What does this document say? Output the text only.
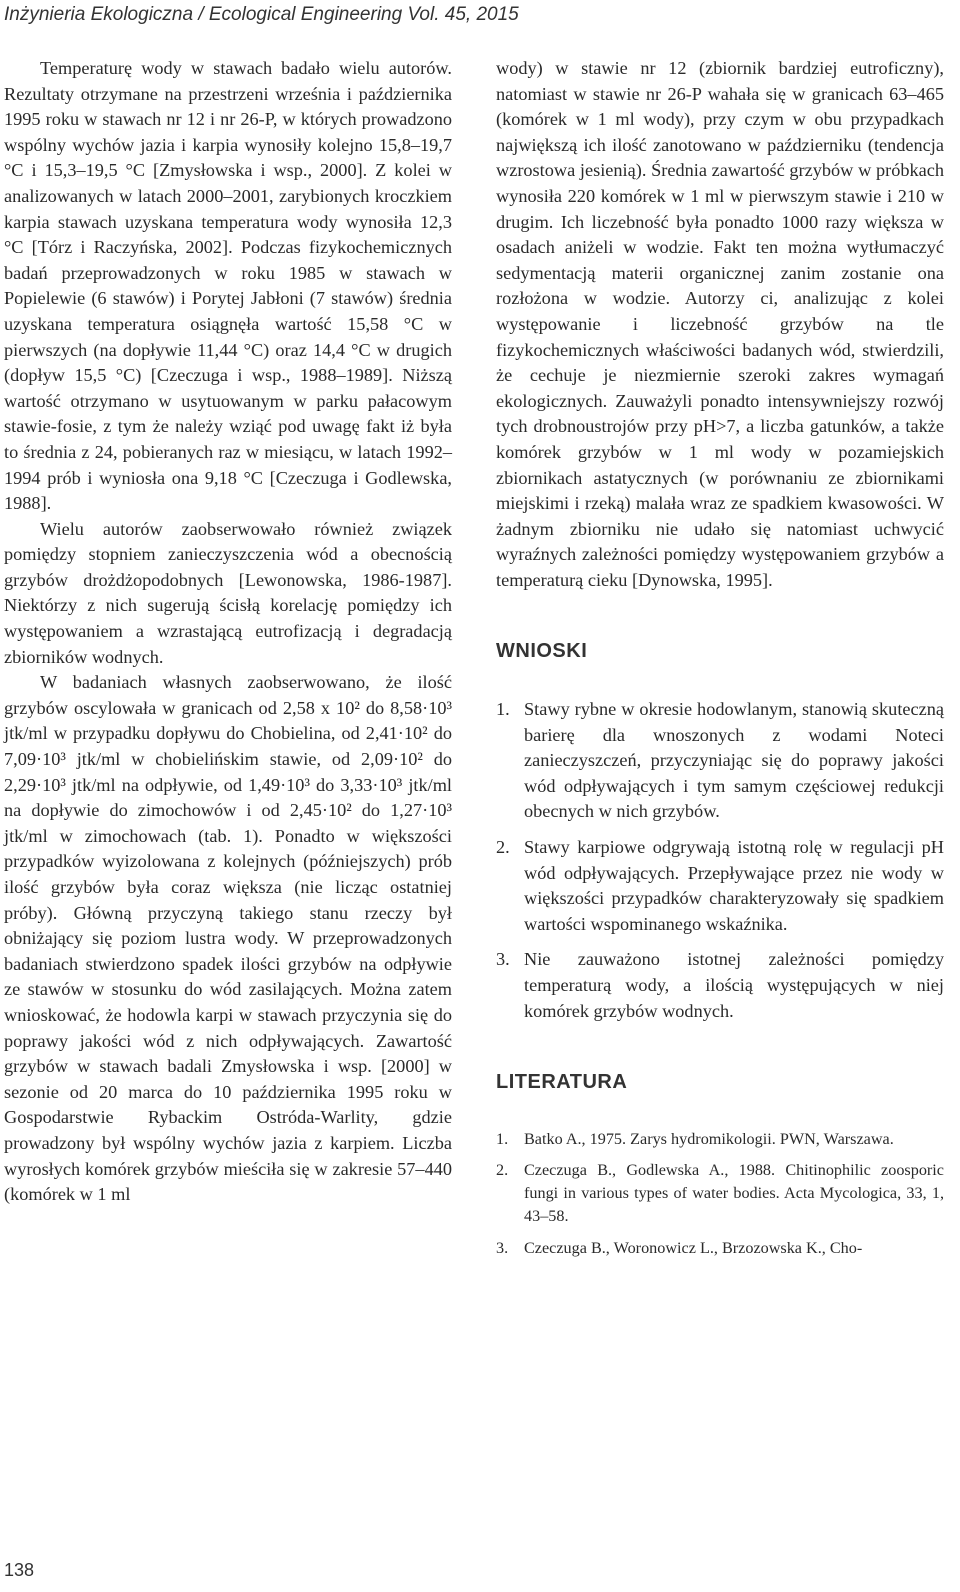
Inżynieria Ekologiczna / Ecological Engineering Vol. 45, 2015

Temperaturę wody w stawach badało wielu autorów. Rezultaty otrzymane na przestrzeni września i października 1995 roku w stawach nr 12 i nr 26-P, w których prowadzono wspólny wychów jazia i karpia wynosiły kolejno 15,8–19,7 °C i 15,3–19,5 °C [Zmysłowska i wsp., 2000]. Z kolei w analizowanych w latach 2000–2001, zarybionych kroczkiem karpia stawach uzyskana temperatura wody wynosiła 12,3 °C [Tórz i Raczyńska, 2002]. Podczas fizykochemicznych badań przeprowadzonych w roku 1985 w stawach w Popielewie (6 stawów) i Porytej Jabłoni (7 stawów) średnia uzyskana temperatura osiągnęła wartość 15,58 °C w pierwszych (na dopływie 11,44 °C) oraz 14,4 °C w drugich (dopływ 15,5 °C) [Czeczuga i wsp., 1988–1989]. Niższą wartość otrzymano w usytuowanym w parku pałacowym stawie-fosie, z tym że należy wziąć pod uwagę fakt iż była to średnia z 24, pobieranych raz w miesiącu, w latach 1992–1994 prób i wyniosła ona 9,18 °C [Czeczuga i Godlewska, 1988].

Wielu autorów zaobserwowało również związek pomiędzy stopniem zanieczyszczenia wód a obecnością grzybów drożdżopodobnych [Lewonowska, 1986-1987]. Niektórzy z nich sugerują ścisłą korelację pomiędzy ich występowaniem a wzrastającą eutrofizacją i degradacją zbiorników wodnych.

W badaniach własnych zaobserwowano, że ilość grzybów oscylowała w granicach od 2,58 x 10² do 8,58·10³ jtk/ml w przypadku dopływu do Chobielina, od 2,41·10² do 7,09·10³ jtk/ml w chobielińskim stawie, od 2,09·10² do 2,29·10³ jtk/ml na odpływie, od 1,49·10³ do 3,33·10³ jtk/ml na dopływie do zimochowów i od 2,45·10² do 1,27·10³ jtk/ml w zimochowach (tab. 1). Ponadto w większości przypadków wyizolowana z kolejnych (późniejszych) prób ilość grzybów była coraz większa (nie licząc ostatniej próby). Główną przyczyną takiego stanu rzeczy był obniżający się poziom lustra wody. W przeprowadzonych badaniach stwierdzono spadek ilości grzybów na odpływie ze stawów w stosunku do wód zasilających. Można zatem wnioskować, że hodowla karpi w stawach przyczynia się do poprawy jakości wód z nich odpływających. Zawartość grzybów w stawach badali Zmysłowska i wsp. [2000] w sezonie od 20 marca do 10 października 1995 roku w Gospodarstwie Rybackim Ostróda-Warlity, gdzie prowadzony był wspólny wychów jazia z karpiem. Liczba wyrosłych komórek grzybów mieściła się w zakresie 57–440 (komórek w 1 ml

wody) w stawie nr 12 (zbiornik bardziej eutroficzny), natomiast w stawie nr 26-P wahała się w granicach 63–465 (komórek w 1 ml wody), przy czym w obu przypadkach największą ich ilość zanotowano w październiku (tendencja wzrostowa jesienią). Średnia zawartość grzybów w próbkach wynosiła 220 komórek w 1 ml w pierwszym stawie i 210 w drugim. Ich liczebność była ponadto 1000 razy większa w osadach aniżeli w wodzie. Fakt ten można wytłumaczyć sedymentacją materii organicznej zanim zostanie ona rozłożona w wodzie. Autorzy ci, analizując z kolei występowanie i liczebność grzybów na tle fizykochemicznych właściwości badanych wód, stwierdzili, że cechuje je niezmiernie szeroki zakres wymagań ekologicznych. Zauważyli ponadto intensywniejszy rozwój tych drobnoustrojów przy pH>7, a liczba gatunków, a także komórek grzybów w 1 ml wody w pozamiejskich zbiornikach astatycznych (w porównaniu ze zbiornikami miejskimi i rzeką) malała wraz ze spadkiem kwasowości. W żadnym zbiorniku nie udało się natomiast uchwycić wyraźnych zależności pomiędzy występowaniem grzybów a temperaturą cieku [Dynowska, 1995].

WNIOSKI
1. Stawy rybne w okresie hodowlanym, stanowią skuteczną barierę dla wnoszonych z wodami Noteci zanieczyszczeń, przyczyniając się do poprawy jakości wód odpływających i tym samym częściowej redukcji obecnych w nich grzybów.
2. Stawy karpiowe odgrywają istotną rolę w regulacji pH wód odpływających. Przepływające przez nie wody w większości przypadków charakteryzowały się spadkiem wartości wspominanego wskaźnika.
3. Nie zauważono istotnej zależności pomiędzy temperaturą wody, a ilością występujących w niej komórek grzybów wodnych.
LITERATURA
1. Batko A., 1975. Zarys hydromikologii. PWN, Warszawa.
2. Czeczuga B., Godlewska A., 1988. Chitinophilic zoosporic fungi in various types of water bodies. Acta Mycologica, 33, 1, 43–58.
3. Czeczuga B., Woronowicz L., Brzozowska K., Cho-
138
